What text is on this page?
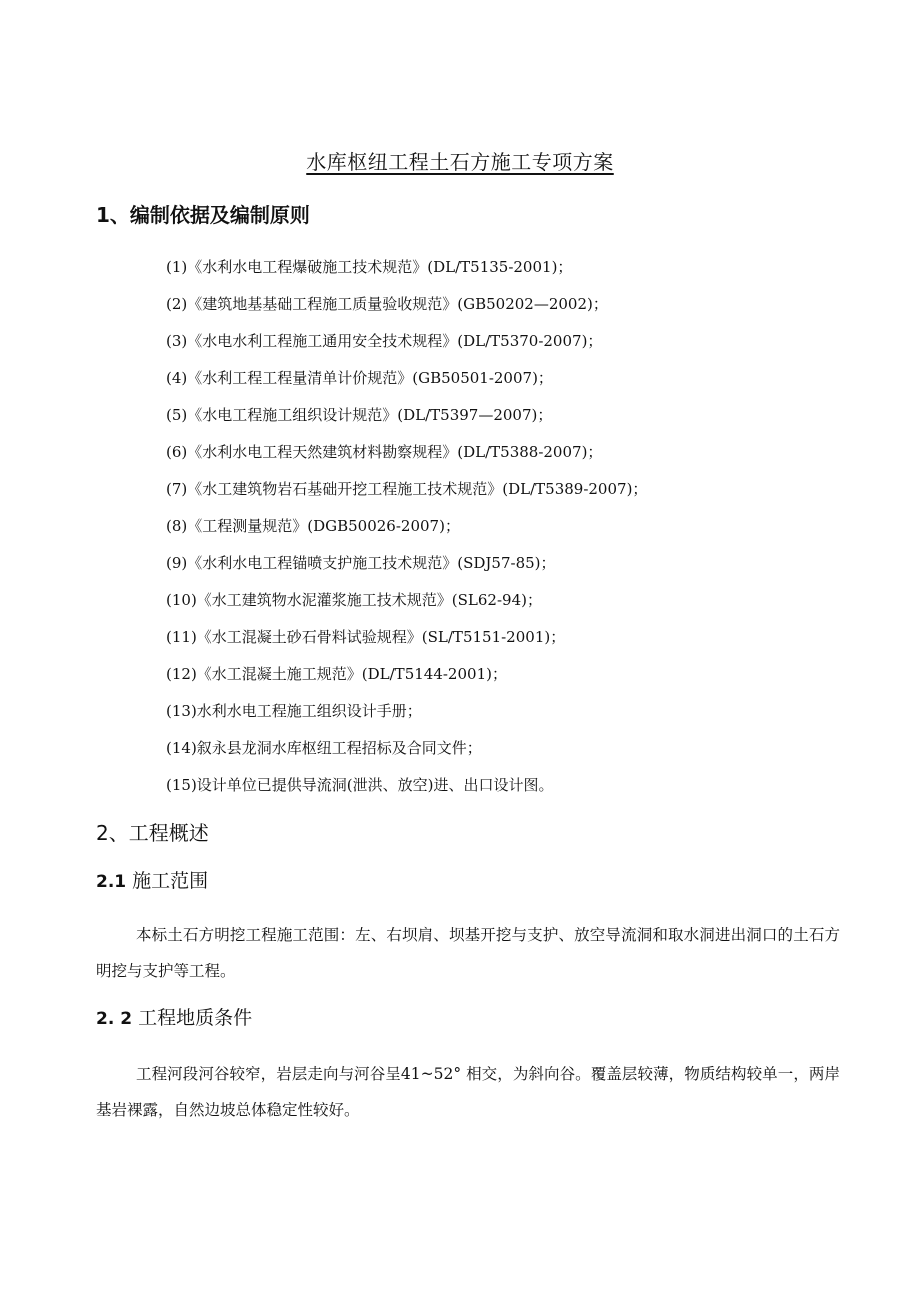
水库枢纽工程土石方施工专项方案
1、编制依据及编制原则
(1)《水利水电工程爆破施工技术规范》(DL/T5135-2001)；
(2)《建筑地基基础工程施工质量验收规范》(GB50202—2002)；
(3)《水电水利工程施工通用安全技术规程》(DL/T5370-2007)；
(4)《水利工程工程量清单计价规范》(GB50501-2007)；
(5)《水电工程施工组织设计规范》(DL/T5397—2007)；
(6)《水利水电工程天然建筑材料勘察规程》(DL/T5388-2007)；
(7)《水工建筑物岩石基础开挖工程施工技术规范》(DL/T5389-2007)；
(8)《工程测量规范》(DGB50026-2007)；
(9)《水利水电工程锚喷支护施工技术规范》(SDJ57-85)；
(10)《水工建筑物水泥灌浆施工技术规范》(SL62-94)；
(11)《水工混凝土砂石骨料试验规程》(SL/T5151-2001)；
(12)《水工混凝土施工规范》(DL/T5144-2001)；
(13)水利水电工程施工组织设计手册；
(14)叙永县龙洞水库枢纽工程招标及合同文件；
(15)设计单位已提供导流洞(泄洪、放空)进、出口设计图。
2、工程概述
2.1 施工范围
本标土石方明挖工程施工范围：左、右坝肩、坝基开挖与支护、放空导流洞和取水洞进出洞口的土石方明挖与支护等工程。
2. 2 工程地质条件
工程河段河谷较窄，岩层走向与河谷呈41~52° 相交，为斜向谷。覆盖层较薄，物质结构较单一，两岸基岩裸露，自然边坡总体稳定性较好。
